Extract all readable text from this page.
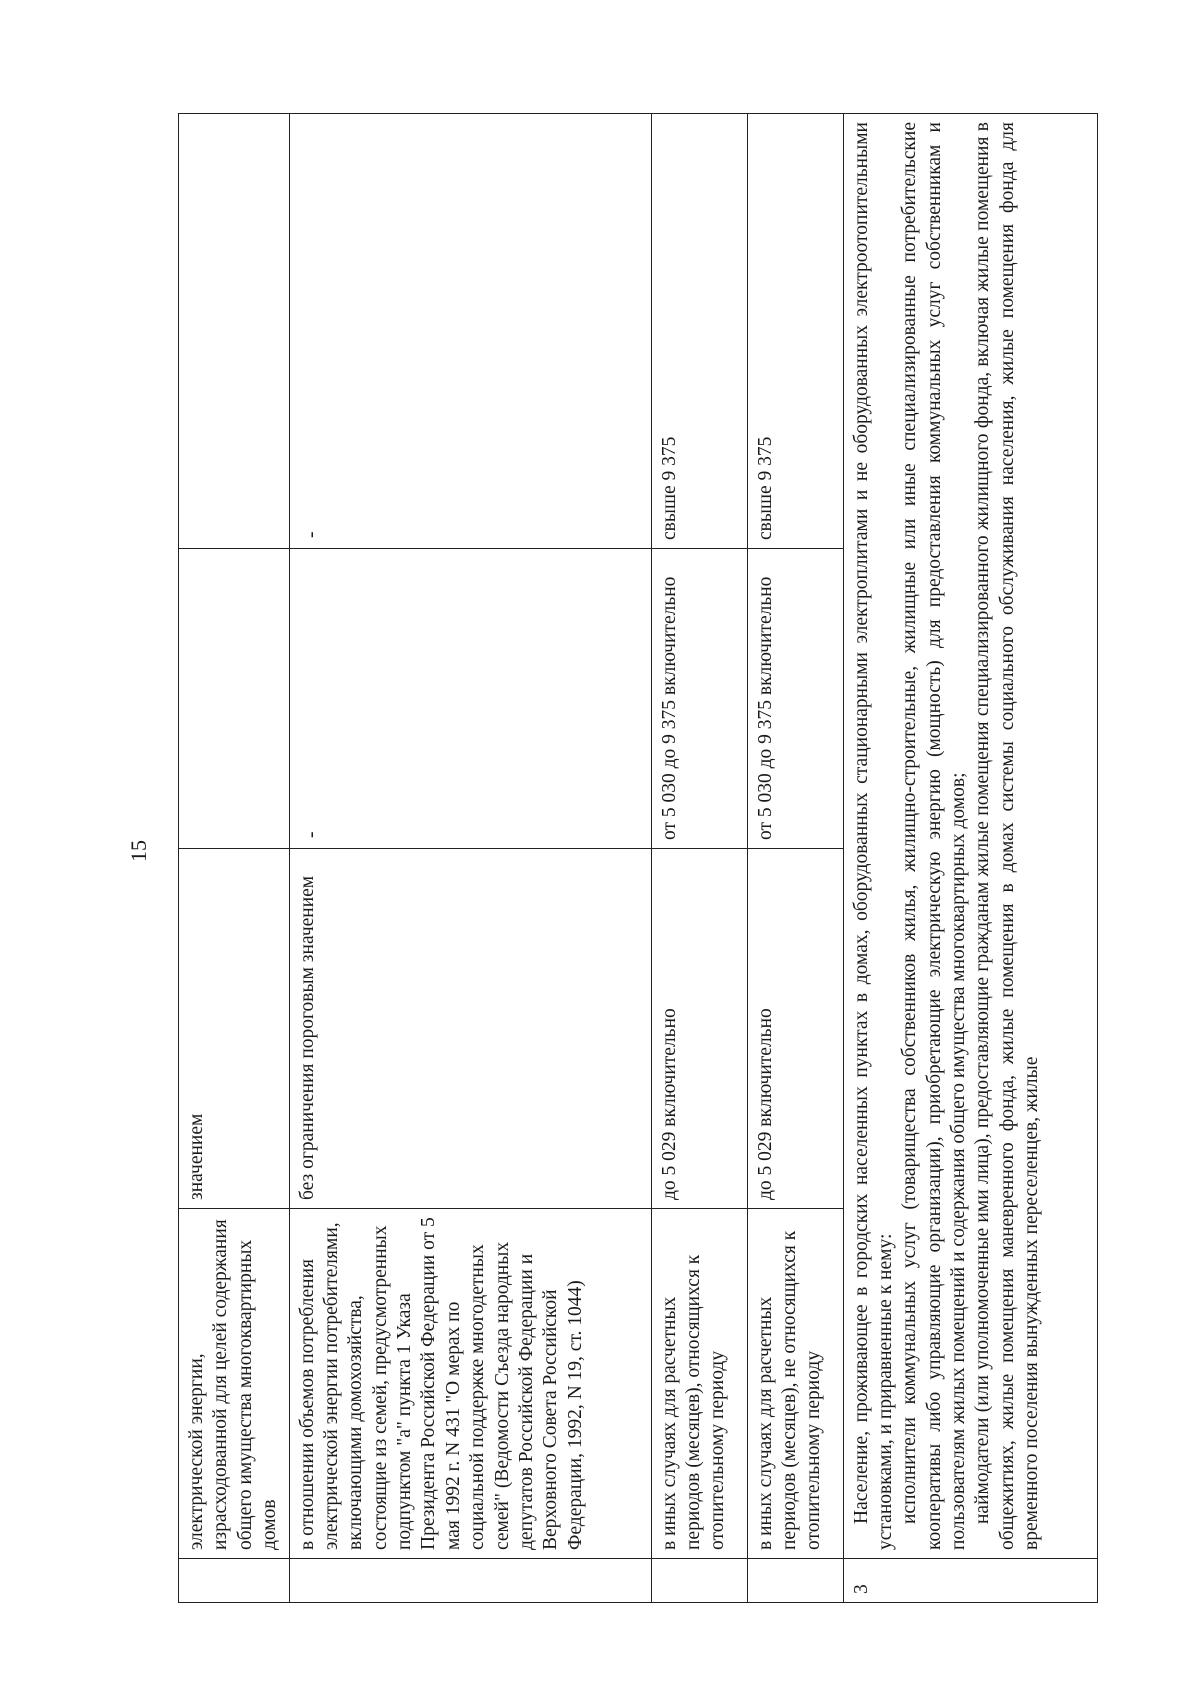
15
	электрической энергии, израсходованной для целей содержания общего имущества многоквартирных домов	значением		
	в отношении объемов потребления электрической энергии потребителями, включающими домохозяйства, состоящие из семей, предусмотренных подпунктом "а" пункта 1 Указа Президента Российской Федерации от 5 мая 1992 г. N 431 "О мерах по социальной поддержке многодетных семей" (Ведомости Съезда народных депутатов Российской Федерации и Верховного Совета Российской Федерации, 1992, N 19, ст. 1044)	без ограничения пороговым значением	-	-
	в иных случаях для расчетных периодов (месяцев), относящихся к отопительному периоду	до 5 029 включительно	от 5 030 до 9 375 включительно	свыше 9 375
	в иных случаях для расчетных периодов (месяцев), не относящихся к отопительному периоду	до 5 029 включительно	от 5 030 до 9 375 включительно	свыше 9 375
3	Население, проживающее в городских населенных пунктах в домах, оборудованных стационарными электроплитами и не оборудованных электроотопительными установками, и приравненные к нему: исполнители коммунальных услуг (товарищества собственников жилья, жилищно-строительные, жилищные или иные специализированные потребительские кооперативы либо управляющие организации), приобретающие электрическую энергию (мощность) для предоставления коммунальных услуг собственникам и пользователям жилых помещений и содержания общего имущества многоквартирных домов; наймодатели (или уполномоченные ими лица), предоставляющие гражданам жилые помещения специализированного жилищного фонда, включая жилые помещения в общежитиях, жилые помещения маневренного фонда, жилые помещения в домах системы социального обслуживания населения, жилые помещения фонда для временного поселения вынужденных переселенцев, жилые			
